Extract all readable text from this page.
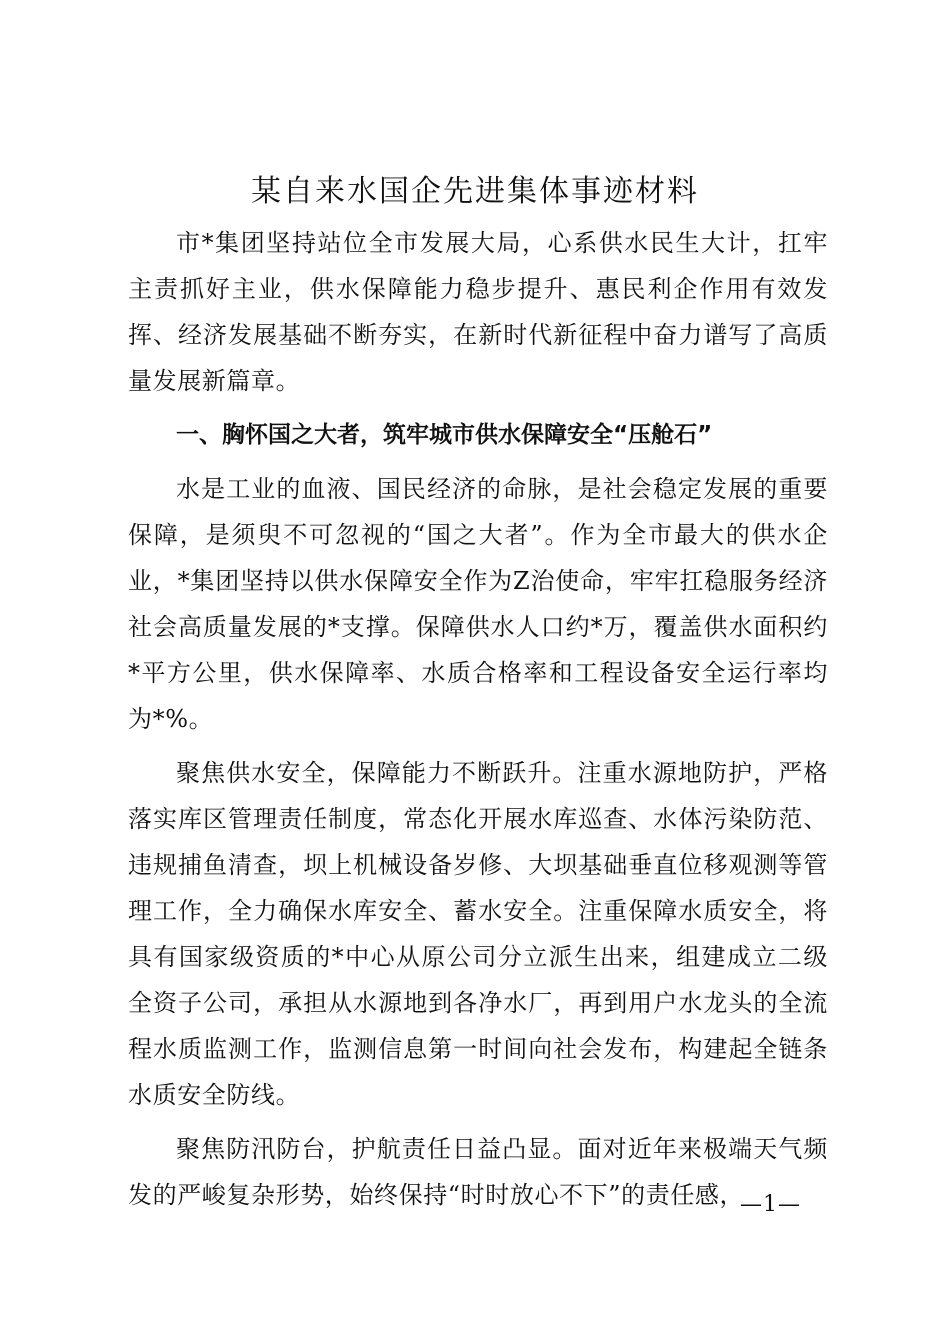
某自来水国企先进集体事迹材料

市*集团坚持站位全市发展大局，心系供水民生大计，扛牢主责抓好主业，供水保障能力稳步提升、惠民利企作用有效发挥、经济发展基础不断夯实，在新时代新征程中奋力谱写了高质量发展新篇章。

一、胸怀国之大者，筑牢城市供水保障安全“压舱石”

水是工业的血液、国民经济的命脉，是社会稳定发展的重要保障，是须臾不可忽视的“国之大者”。作为全市最大的供水企业，*集团坚持以供水保障安全作为Z治使命，牢牢扛稳服务经济社会高质量发展的*支撑。保障供水人口约*万，覆盖供水面积约*平方公里，供水保障率、水质合格率和工程设备安全运行率均为*%。

聚焦供水安全，保障能力不断跃升。注重水源地防护，严格落实库区管理责任制度，常态化开展水库巡查、水体污染防范、违规捕鱼清查，坝上机械设备岁修、大坝基础垂直位移观测等管理工作，全力确保水库安全、蓄水安全。注重保障水质安全，将具有国家级资质的*中心从原公司分立派生出来，组建成立二级全资子公司，承担从水源地到各净水厂，再到用户水龙头的全流程水质监测工作，监测信息第一时间向社会发布，构建起全链条水质安全防线。

聚焦防汛防台，护航责任日益凸显。面对近年来极端天气频发的严峻复杂形势，始终保持“时时放心不下”的责任感，

—1—
